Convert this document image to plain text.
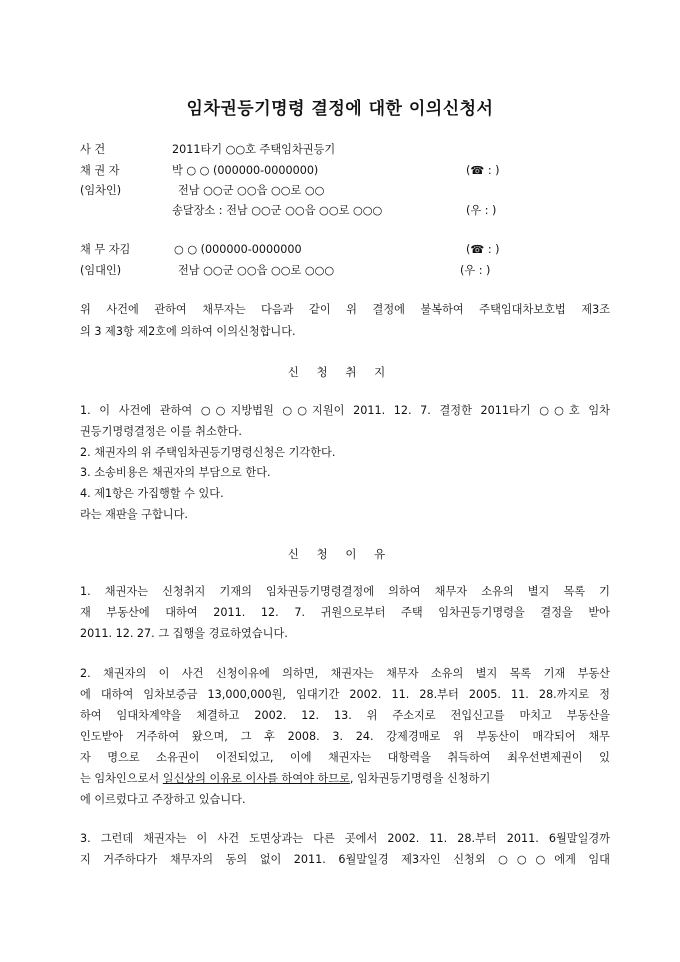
임차권등기명령 결정에 대한 이의신청서
사 건	2011타기 ○○호 주택임차권등기
채 권 자	박 ○ ○ (000000-0000000)	(☎ : )
(임차인)	전남 ○○군 ○○읍 ○○로 ○○
송달장소 : 전남 ○○군 ○○읍 ○○로 ○○○	(우 : )
채 무 자김	○ ○ (000000-0000000	(☎ : )
(임대인)	전남 ○○군 ○○읍 ○○로 ○○○	(우 : )
위 사건에 관하여 채무자는 다음과 같이 위 결정에 불복하여 주택임대차보호법 제3조
의 3 제3항 제2호에 의하여 이의신청합니다.
신 청 취 지
1. 이 사건에 관하여 ○○지방법원 ○○지원이 2011. 12. 7. 결정한 2011타기 ○○호 임차
권등기명령결정은 이를 취소한다.
2. 채권자의 위 주택임차권등기명령신청은 기각한다.
3. 소송비용은 채권자의 부담으로 한다.
4. 제1항은 가집행할 수 있다.
라는 재판을 구합니다.
신 청 이 유
1. 채권자는 신청취지 기재의 임차권등기명령결정에 의하여 채무자 소유의 별지 목록 기
재 부동산에 대하여 2011. 12. 7. 귀원으로부터 주택 임차권등기명령을 결정을 받아
2011. 12. 27. 그 집행을 경료하였습니다.
2. 채권자의 이 사건 신청이유에 의하면, 채권자는 채무자 소유의 별지 목록 기재 부동산
에 대하여 임차보증금 13,000,000원, 임대기간 2002. 11. 28.부터 2005. 11. 28.까지로 정
하여 임대차계약을 체결하고 2002. 12. 13. 위 주소지로 전입신고를 마치고 부동산을
인도받아 거주하여 왔으며, 그 후 2008. 3. 24. 강제경매로 위 부동산이 매각되어 채무
자 명으로 소유권이 이전되었고, 이에 채권자는 대항력을 취득하여 최우선변제권이 있
는 임차인으로서 일신상의 이유로 이사를 하여야 하므로, 임차권등기명령을 신청하기
에 이르렀다고 주장하고 있습니다.
3. 그런데 채권자는 이 사건 도면상과는 다른 곳에서 2002. 11. 28.부터 2011. 6월말일경까
지 거주하다가 채무자의 동의 없이 2011. 6월말일경 제3자인 신청외 ○○○에게 임대
